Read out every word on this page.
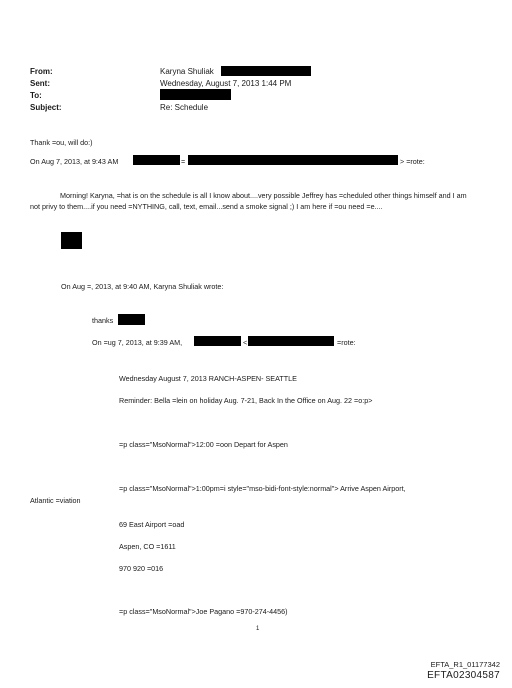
From:	Karyna Shuliak
Sent:	Wednesday, August 7, 2013 1:44 PM
To:
Subject:	Re: Schedule
Thank =ou, will do:)
On Aug 7, 2013, at 9:43 AM	=	> =rote:
Morning! Karyna, =hat is on the schedule is all I know about....very possible Jeffrey has =cheduled other things himself and I am not privy to them....if you need =NYTHING, call, text, email...send a smoke signal ;) I am here if =ou need =e....
On Aug =, 2013, at 9:40 AM, Karyna Shuliak wrote:
thanks
On =ug 7, 2013, at 9:39 AM,	<	=rote:
Wednesday August 7, 2013 RANCH-ASPEN- SEATTLE
Reminder: Bella =lein on holiday Aug. 7-21, Back In the Office on Aug. 22 =o:p>
=p class="MsoNormal">12:00 =oon Depart for Aspen
=p class="MsoNormal">1:00pm=i style="mso-bidi-font-style:normal"> Arrive Aspen Airport,
Atlantic =viation
69 East Airport =oad
Aspen, CO =1611
970 920 =016
=p class="MsoNormal">Joe Pagano =970-274-4456)
1
EFTA_R1_01177342
EFTA02304587
